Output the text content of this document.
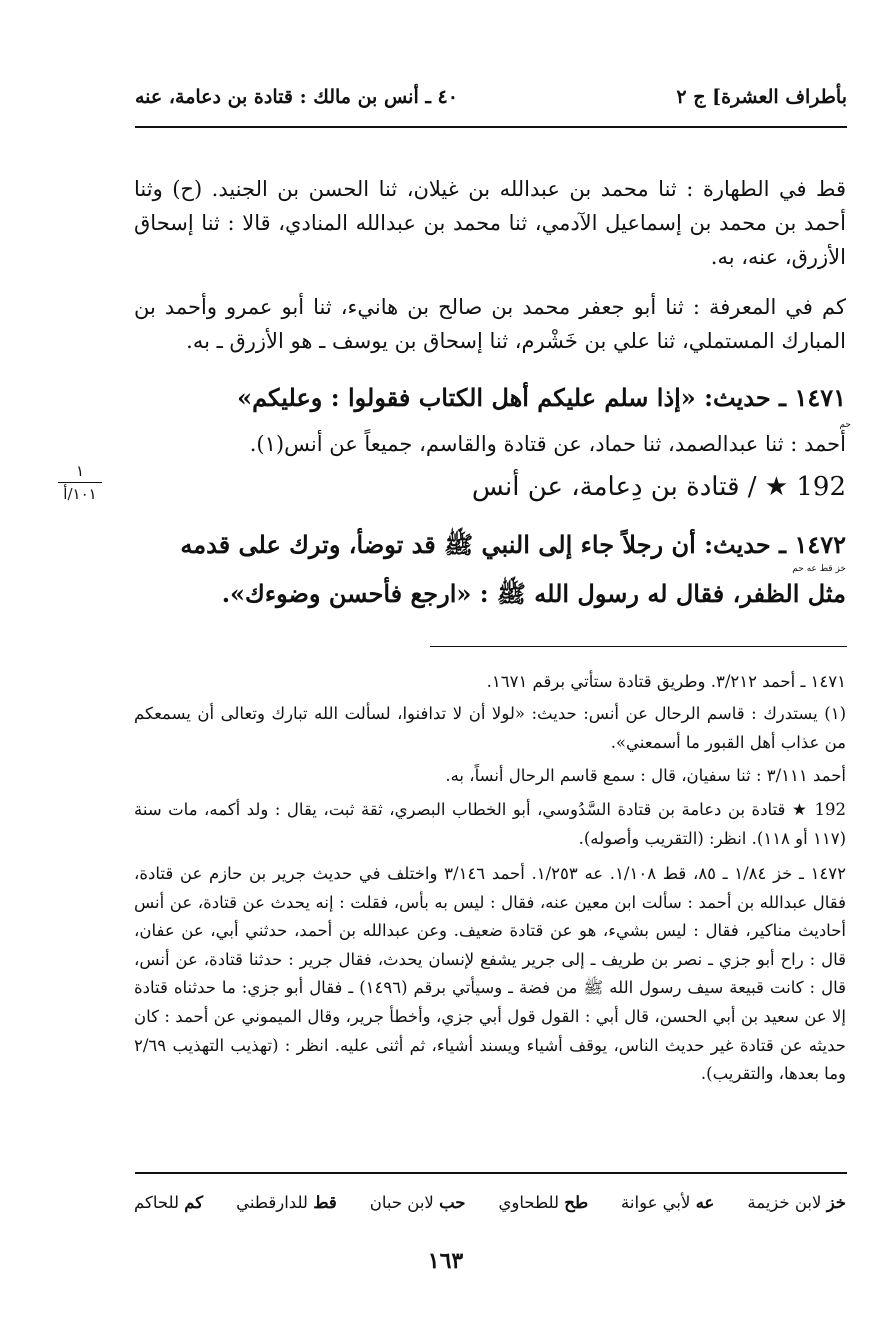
بأطراف العشرة] ج ٢
٤٠ ـ أنس بن مالك : قتادة بن دعامة، عنه
قط في الطهارة : ثنا محمد بن عبدالله بن غيلان، ثنا الحسن بن الجنيد. (ح) وثنا أحمد بن محمد بن إسماعيل الآدمي، ثنا محمد بن عبدالله المنادي، قالا : ثنا إسحاق الأزرق، عنه، به.
كم في المعرفة : ثنا أبو جعفر محمد بن صالح بن هانيء، ثنا أبو عمرو وأحمد بن المبارك المستملي، ثنا علي بن خَشْرم، ثنا إسحاق بن يوسف ـ هو الأزرق ـ به.
١٤٧١ ـ حديث: «إذا سلم عليكم أهل الكتاب فقولوا : وعليكم»
حم
أحمد : ثنا عبدالصمد، ثنا حماد، عن قتادة والقاسم، جميعاً عن أنس(١).
١
١٠١/أ	192 ★ / قتادة بن دِعامة، عن أنس
١٤٧٢ ـ حديث: أن رجلاً جاء إلى النبي ﷺ قد توضأ، وترك على قدمه
خز قط عه حم
مثل الظفر، فقال له رسول الله ﷺ : «ارجع فأحسن وضوءك».
١٤٧١ ـ أحمد ٣/٢١٢. وطريق قتادة ستأتي برقم ١٦٧١.
(١) يستدرك : قاسم الرحال عن أنس: حديث: «لولا أن لا تدافنوا، لسألت الله تبارك وتعالى أن يسمعكم من عذاب أهل القبور ما أسمعني».
أحمد ٣/١١١ : ثنا سفيان، قال : سمع قاسم الرحال أنساً، به.
192 ★ قتادة بن دعامة بن قتادة السَّدُوسي، أبو الخطاب البصري، ثقة ثبت، يقال : ولد أكمه، مات سنة (١١٧ أو ١١٨). انظر: (التقريب وأصوله).
١٤٧٢ ـ خز ١/٨٤ ـ ٨٥، قط ١/١٠٨. عه ١/٢٥٣. أحمد ٣/١٤٦ واختلف في حديث جرير بن حازم عن قتادة، فقال عبدالله بن أحمد : سألت ابن معين عنه، فقال : ليس به بأس، فقلت : إنه يحدث عن قتادة، عن أنس أحاديث مناكير، فقال : ليس بشيء، هو عن قتادة ضعيف. وعن عبدالله بن أحمد، حدثني أبي، عن عفان، قال : راح أبو جزي ـ نصر بن طريف ـ إلى جرير يشفع لإنسان يحدث، فقال جرير : حدثنا قتادة، عن أنس، قال : كانت قبيعة سيف رسول الله ﷺ من فضة ـ وسيأتي برقم (١٤٩٦) ـ فقال أبو جزي: ما حدثناه قتادة إلا عن سعيد بن أبي الحسن، قال أبي : القول قول أبي جزي، وأخطأ جرير، وقال الميموني عن أحمد : كان حديثه عن قتادة غير حديث الناس، يوقف أشياء ويسند أشياء، ثم أثنى عليه. انظر : (تهذيب التهذيب ٢/٦٩ وما بعدها، والتقريب).
خز لابن خزيمة
عه لأبي عوانة
طح للطحاوي
حب لابن حبان
قط للدارقطني
كم للحاكم
١٦٣
